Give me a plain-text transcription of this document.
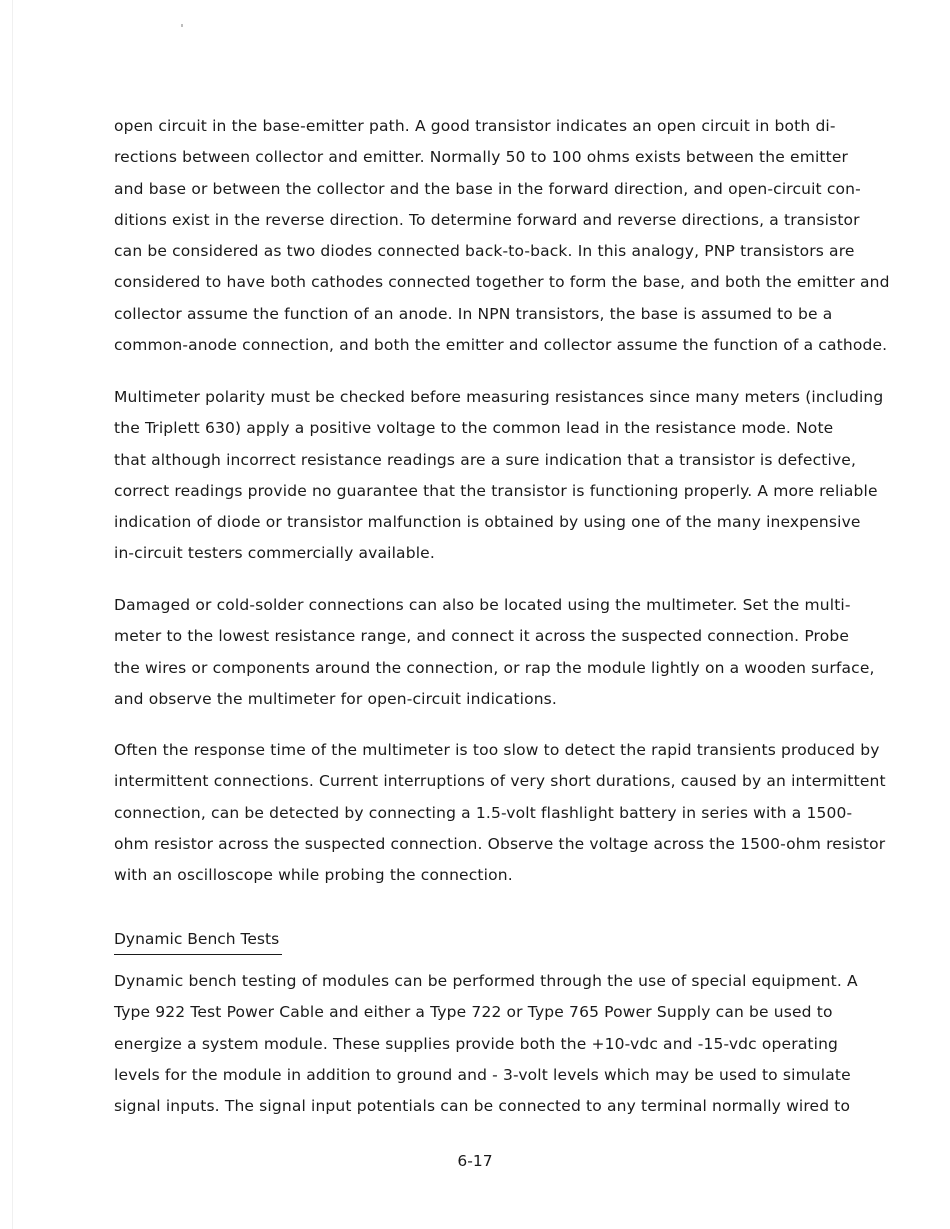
open circuit in the base-emitter path. A good transistor indicates an open circuit in both di-
rections between collector and emitter. Normally 50 to 100 ohms exists between the emitter
and base or between the collector and the base in the forward direction, and open-circuit con-
ditions exist in the reverse direction. To determine forward and reverse directions, a transistor
can be considered as two diodes connected back-to-back. In this analogy, PNP transistors are
considered to have both cathodes connected together to form the base, and both the emitter and
collector assume the function of an anode. In NPN transistors, the base is assumed to be a
common-anode connection, and both the emitter and collector assume the function of a cathode.

Multimeter polarity must be checked before measuring resistances since many meters (including
the Triplett 630) apply a positive voltage to the common lead in the resistance mode. Note
that although incorrect resistance readings are a sure indication that a transistor is defective,
correct readings provide no guarantee that the transistor is functioning properly. A more reliable
indication of diode or transistor malfunction is obtained by using one of the many inexpensive
in-circuit testers commercially available.

Damaged or cold-solder connections can also be located using the multimeter. Set the multi-
meter to the lowest resistance range, and connect it across the suspected connection. Probe
the wires or components around the connection, or rap the module lightly on a wooden surface,
and observe the multimeter for open-circuit indications.

Often the response time of the multimeter is too slow to detect the rapid transients produced by
intermittent connections. Current interruptions of very short durations, caused by an intermittent
connection, can be detected by connecting a 1.5-volt flashlight battery in series with a 1500-
ohm resistor across the suspected connection. Observe the voltage across the 1500-ohm resistor
with an oscilloscope while probing the connection.

Dynamic Bench Tests

Dynamic bench testing of modules can be performed through the use of special equipment. A
Type 922 Test Power Cable and either a Type 722 or Type 765 Power Supply can be used to
energize a system module. These supplies provide both the +10-vdc and -15-vdc operating
levels for the module in addition to ground and - 3-volt levels which may be used to simulate
signal inputs. The signal input potentials can be connected to any terminal normally wired to

6-17
